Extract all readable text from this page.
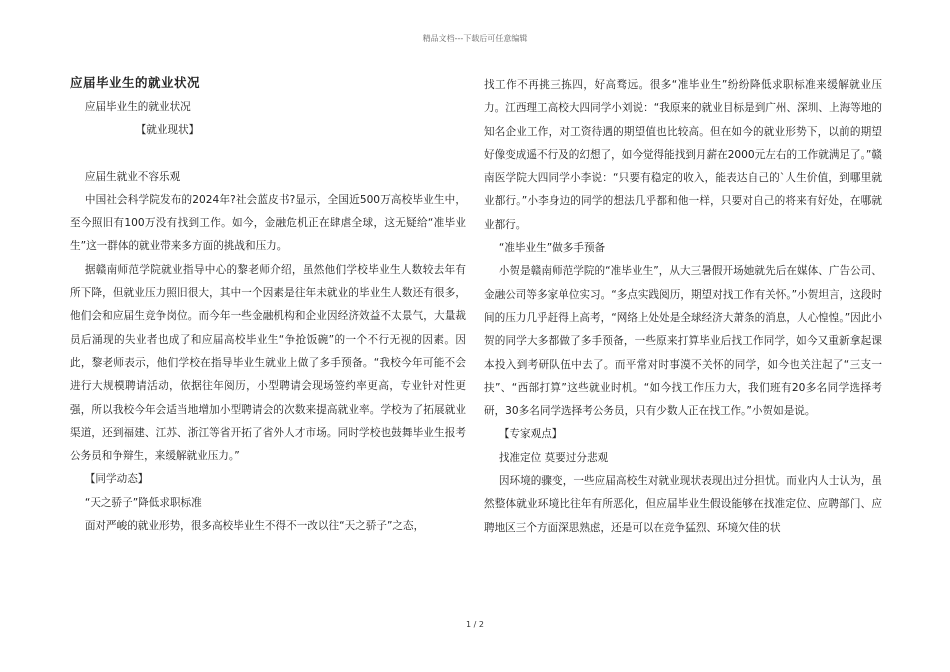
精品文档---下载后可任意编辑
应届毕业生的就业状况

应届毕业生的就业状况

【就业现状】

应届生就业不容乐观

中国社会科学院发布的2024年?社会蓝皮书?显示，全国近500万高校毕业生中，至今照旧有100万没有找到工作。如今，金融危机正在肆虐全球，这无疑给“准毕业生”这一群体的就业带来多方面的挑战和压力。

据赣南师范学院就业指导中心的黎老师介绍，虽然他们学校毕业生人数较去年有所下降，但就业压力照旧很大，其中一个因素是往年未就业的毕业生人数还有很多，他们会和应届生竞争岗位。而今年一些金融机构和企业因经济效益不太景气，大量裁员后涌现的失业者也成了和应届高校毕业生“争抢饭碗”的一个不行无视的因素。因此，黎老师表示，他们学校在指导毕业生就业上做了多手预备。“我校今年可能不会进行大规模聘请活动，依据往年阅历，小型聘请会现场签约率更高，专业针对性更强，所以我校今年会适当地增加小型聘请会的次数来提高就业率。学校为了拓展就业渠道，还到福建、江苏、浙江等省开拓了省外人才市场。同时学校也鼓舞毕业生报考公务员和争辩生，来缓解就业压力。”

【同学动态】

“天之骄子”降低求职标准

面对严峻的就业形势，很多高校毕业生不得不一改以往“天之骄子”之态，

找工作不再挑三拣四，好高骛远。很多“准毕业生”纷纷降低求职标准来缓解就业压力。江西理工高校大四同学小刘说：“我原来的就业目标是到广州、深圳、上海等地的知名企业工作，对工资待遇的期望值也比较高。但在如今的就业形势下，以前的期望好像变成遥不行及的幻想了，如今觉得能找到月薪在2000元左右的工作就满足了。”赣南医学院大四同学小李说：“只要有稳定的收入，能表达自己的`人生价值，到哪里就业都行。”小李身边的同学的想法几乎都和他一样，只要对自己的将来有好处，在哪就业都行。

“准毕业生”做多手预备

小贺是赣南师范学院的“准毕业生”，从大三暑假开场她就先后在媒体、广告公司、金融公司等多家单位实习。“多点实践阅历，期望对找工作有关怀。”小贺坦言，这段时间的压力几乎赶得上高考，“网络上处处是全球经济大萧条的消息，人心惶惶。”因此小贺的同学大多都做了多手预备，一些原来打算毕业后找工作同学，如今又重新拿起课本投入到考研队伍中去了。而平常对时事漠不关怀的同学，如今也关注起了“三支一扶”、“西部打算”这些就业时机。“如今找工作压力大，我们班有20多名同学选择考研，30多名同学选择考公务员，只有少数人正在找工作。”小贺如是说。

【专家观点】

找准定位 莫要过分悲观

因环境的骤变，一些应届高校生对就业现状表现出过分担忧。而业内人士认为，虽然整体就业环境比往年有所恶化，但应届毕业生假设能够在找准定位、应聘部门、应聘地区三个方面深思熟虑，还是可以在竞争猛烈、环境欠佳的状

1 / 2
